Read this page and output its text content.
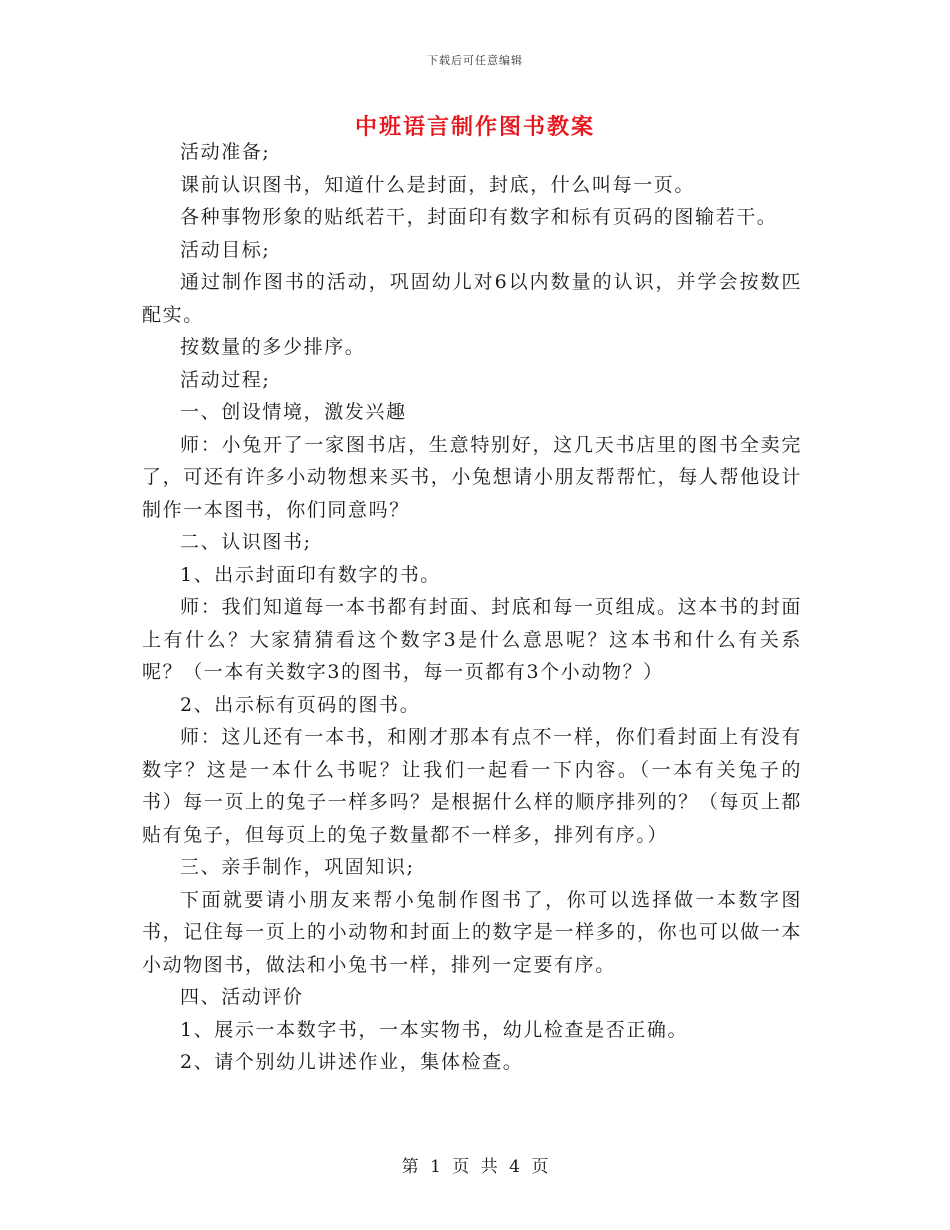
下载后可任意编辑
中班语言制作图书教案

活动准备;

课前认识图书，知道什么是封面，封底，什么叫每一页。

各种事物形象的贴纸若干，封面印有数字和标有页码的图输若干。

活动目标;

通过制作图书的活动，巩固幼儿对6以内数量的认识，并学会按数匹配实。

按数量的多少排序。

活动过程;

一、创设情境，激发兴趣

师：小兔开了一家图书店，生意特别好，这几天书店里的图书全卖完了，可还有许多小动物想来买书，小兔想请小朋友帮帮忙，每人帮他设计制作一本图书，你们同意吗？

二、认识图书;

1、出示封面印有数字的书。

师：我们知道每一本书都有封面、封底和每一页组成。这本书的封面上有什么？大家猜猜看这个数字3是什么意思呢？这本书和什么有关系呢？（一本有关数字3的图书，每一页都有3个小动物？）

2、出示标有页码的图书。

师：这儿还有一本书，和刚才那本有点不一样，你们看封面上有没有数字？这是一本什么书呢？让我们一起看一下内容。（一本有关兔子的书）每一页上的兔子一样多吗？是根据什么样的顺序排列的？（每页上都贴有兔子，但每页上的兔子数量都不一样多，排列有序。）

三、亲手制作，巩固知识;

下面就要请小朋友来帮小兔制作图书了，你可以选择做一本数字图书，记住每一页上的小动物和封面上的数字是一样多的，你也可以做一本小动物图书，做法和小兔书一样，排列一定要有序。

四、活动评价

1、展示一本数字书，一本实物书，幼儿检查是否正确。

2、请个别幼儿讲述作业，集体检查。

第 1 页 共 4 页
